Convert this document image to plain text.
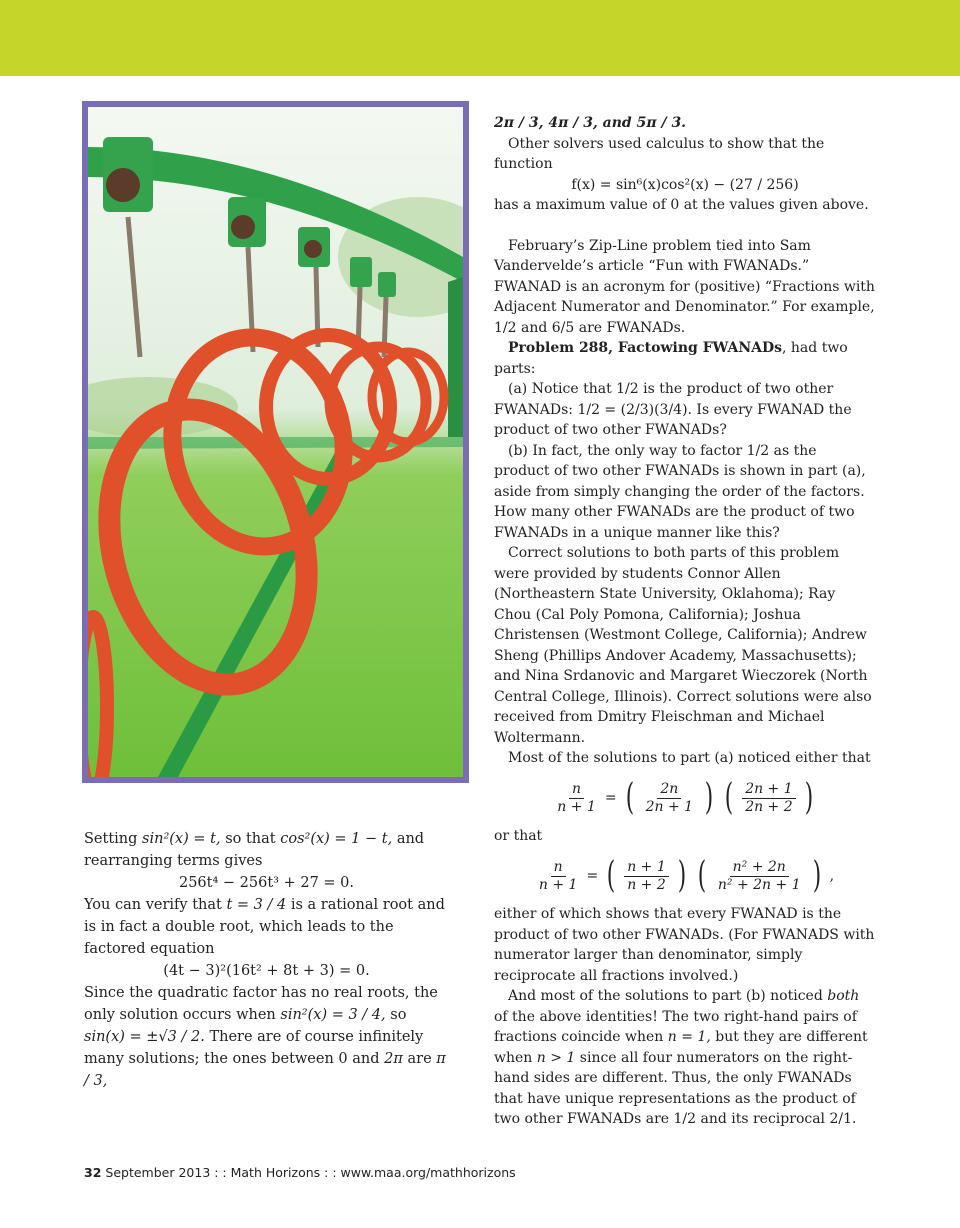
Setting sin²(x) = t, so that cos²(x) = 1 − t, and rearranging terms gives

256t⁴ − 256t³ + 27 = 0.

You can verify that t = 3 / 4 is a rational root and is in fact a double root, which leads to the factored equation

(4t − 3)²(16t² + 8t + 3) = 0.

Since the quadratic factor has no real roots, the only solution occurs when sin²(x) = 3 / 4, so sin(x) = ±√3 / 2. There are of course infinitely many solutions; the ones between 0 and 2π are π / 3,

2π / 3, 4π / 3, and 5π / 3.

Other solvers used calculus to show that the function

f(x) = sin⁶(x)cos²(x) − (27 / 256)

has a maximum value of 0 at the values given above.

February’s Zip-Line problem tied into Sam Vandervelde’s article “Fun with FWANADs.” FWANAD is an acronym for (positive) “Fractions with Adjacent Numerator and Denominator.” For example, 1/2 and 6/5 are FWANADs.

Problem 288, Factowing FWANADs, had two parts:

(a) Notice that 1/2 is the product of two other FWANADs: 1/2 = (2/3)(3/4). Is every FWANAD the product of two other FWANADs?

(b) In fact, the only way to factor 1/2 as the product of two other FWANADs is shown in part (a), aside from simply changing the order of the factors. How many other FWANADs are the product of two FWANADs in a unique manner like this?

Correct solutions to both parts of this problem were provided by students Connor Allen (Northeastern State University, Oklahoma); Ray Chou (Cal Poly Pomona, California); Joshua Christensen (Westmont College, California); Andrew Sheng (Phillips Andover Academy, Massachusetts); and Nina Srdanovic and Margaret Wieczorek (North Central College, Illinois). Correct solutions were also received from Dmitry Fleischman and Michael Woltermann.

Most of the solutions to part (a) noticed either that

$\frac{n}{n + 1}$ = ( $\frac{2n}{2n + 1}$ ) ( $\frac{2n + 1}{2n + 2}$ )

or that

$\frac{n}{n + 1}$ = ( $\frac{n + 1}{n + 2}$ ) ( $\frac{\text{n² + 2n}}{\text{n² + 2n + 1}}$ ) ,

either of which shows that every FWANAD is the product of two other FWANADs. (For FWANADS with numerator larger than denominator, simply reciprocate all fractions involved.)

And most of the solutions to part (b) noticed both of the above identities! The two right-hand pairs of fractions coincide when n = 1, but they are different when n > 1 since all four numerators on the right-hand sides are different. Thus, the only FWANADs that have unique representations as the product of two other FWANADs are 1/2 and its reciprocal 2/1.

32 September 2013 : : Math Horizons : : www.maa.org/mathhorizons
